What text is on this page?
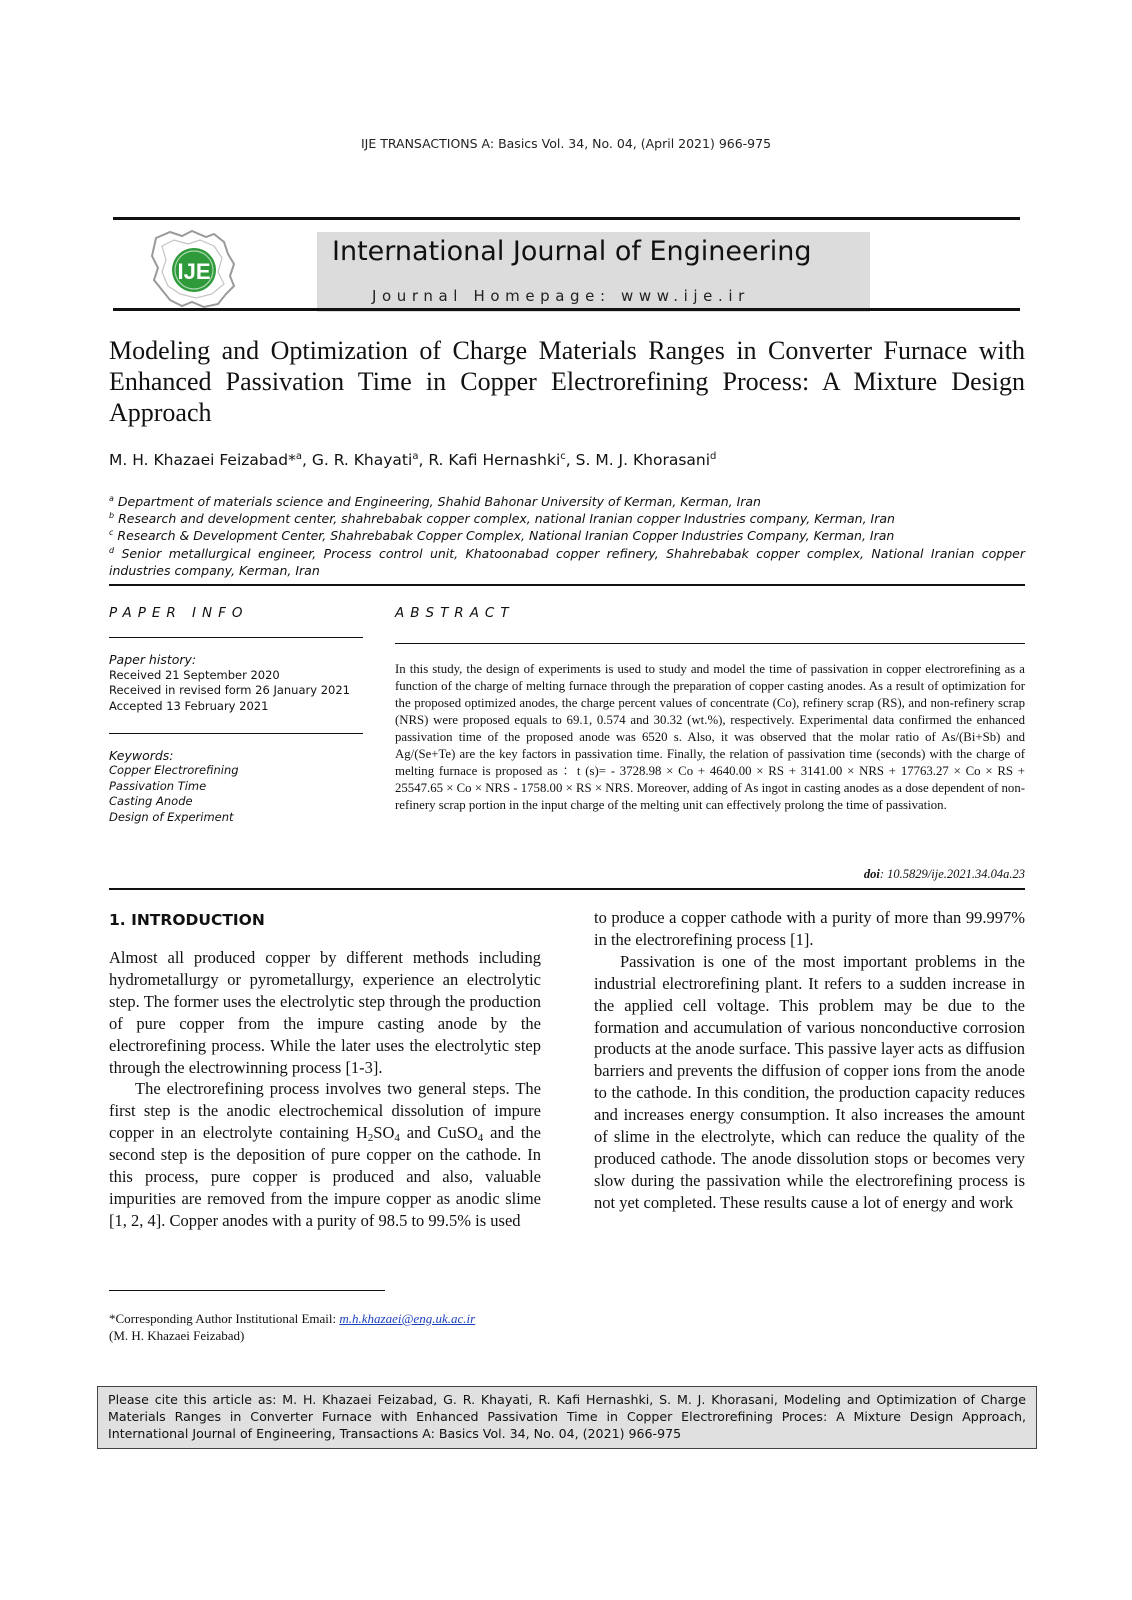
IJE TRANSACTIONS A: Basics Vol. 34, No. 04, (April 2021) 966-975
International Journal of Engineering
Journal Homepage: www.ije.ir
IJE
Modeling and Optimization of Charge Materials Ranges in Converter Furnace with Enhanced Passivation Time in Copper Electrorefining Process: A Mixture Design Approach
M. H. Khazaei Feizabad*$^a$, G. R. Khayati$^a$, R. Kafi Hernashki$^c$, S. M. J. Khorasani$^d$
$^a$ Department of materials science and Engineering, Shahid Bahonar University of Kerman, Kerman, Iran
$^b$ Research and development center, shahrebabak copper complex, national Iranian copper Industries company, Kerman, Iran
$^c$ Research & Development Center, Shahrebabak Copper Complex, National Iranian Copper Industries Company, Kerman, Iran
$^d$ Senior metallurgical engineer, Process control unit, Khatoonabad copper refinery, Shahrebabak copper complex, National Iranian copper industries company, Kerman, Iran
PAPER INFO
Paper history:
Received 21 September 2020
Received in revised form 26 January 2021
Accepted 13 February 2021
Keywords:
Copper Electrorefining
Passivation Time
Casting Anode
Design of Experiment
ABSTRACT
In this study, the design of experiments is used to study and model the time of passivation in copper electrorefining as a function of the charge of melting furnace through the preparation of copper casting anodes. As a result of optimization for the proposed optimized anodes, the charge percent values of concentrate (Co), refinery scrap (RS), and non-refinery scrap (NRS) were proposed equals to 69.1, 0.574 and 30.32 (wt.%), respectively. Experimental data confirmed the enhanced passivation time of the proposed anode was 6520 s. Also, it was observed that the molar ratio of As/(Bi+Sb) and Ag/(Se+Te) are the key factors in passivation time. Finally, the relation of passivation time (seconds) with the charge of melting furnace is proposed as ：t (s)= - 3728.98 × Co + 4640.00 × RS + 3141.00 × NRS + 17763.27 × Co × RS + 25547.65 × Co × NRS - 1758.00 × RS × NRS. Moreover, adding of As ingot in casting anodes as a dose dependent of non-refinery scrap portion in the input charge of the melting unit can effectively prolong the time of passivation.
doi: 10.5829/ije.2021.34.04a.23
1. INTRODUCTION

Almost all produced copper by different methods including hydrometallurgy or pyrometallurgy, experience an electrolytic step. The former uses the electrolytic step through the production of pure copper from the impure casting anode by the electrorefining process. While the later uses the electrolytic step through the electrowinning process [1-3].

The electrorefining process involves two general steps. The first step is the anodic electrochemical dissolution of impure copper in an electrolyte containing $H_2SO_4$ and CuSO$_4$ and the second step is the deposition of pure copper on the cathode. In this process, pure copper is produced and also, valuable impurities are removed from the impure copper as anodic slime [1, 2, 4]. Copper anodes with a purity of 98.5 to 99.5% is used

to produce a copper cathode with a purity of more than 99.997% in the electrorefining process [1].

Passivation is one of the most important problems in the industrial electrorefining plant. It refers to a sudden increase in the applied cell voltage. This problem may be due to the formation and accumulation of various nonconductive corrosion products at the anode surface. This passive layer acts as diffusion barriers and prevents the diffusion of copper ions from the anode to the cathode. In this condition, the production capacity reduces and increases energy consumption. It also increases the amount of slime in the electrolyte, which can reduce the quality of the produced cathode. The anode dissolution stops or becomes very slow during the passivation while the electrorefining process is not yet completed. These results cause a lot of energy and work

*Corresponding Author Institutional Email: m.h.khazaei@eng.uk.ac.ir
(M. H. Khazaei Feizabad)
Please cite this article as: M. H. Khazaei Feizabad, G. R. Khayati, R. Kafi Hernashki, S. M. J. Khorasani, Modeling and Optimization of Charge Materials Ranges in Converter Furnace with Enhanced Passivation Time in Copper Electrorefining Proces: A Mixture Design Approach, International Journal of Engineering, Transactions A: Basics Vol. 34, No. 04, (2021) 966-975
